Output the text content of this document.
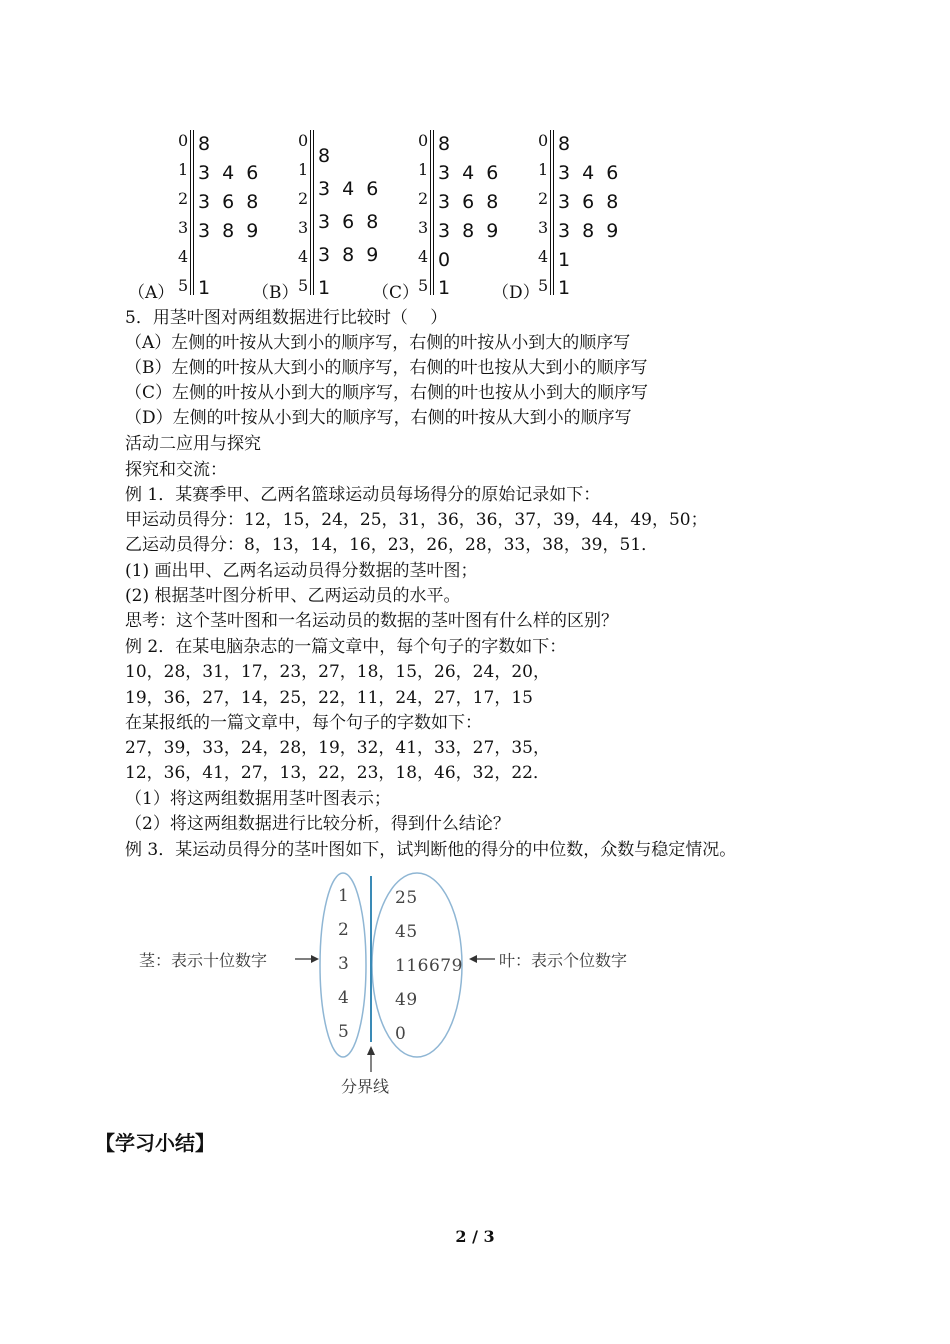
0
1
2
3
4
5
8
3 4 6
3 6 8
3 8 9
1
（A）
0
1
2
3
4
5
8
3 4 6
3 6 8
3 8 9
1
（B）
0
1
2
3
4
5
8
3 4 6
3 6 8
3 8 9
0
1
（C）
0
1
2
3
4
5
8
3 4 6
3 6 8
3 8 9
1
1
（D）
5．用茎叶图对两组数据进行比较时（　 ）
（A）左侧的叶按从大到小的顺序写，右侧的叶按从小到大的顺序写
（B）左侧的叶按从大到小的顺序写，右侧的叶也按从大到小的顺序写
（C）左侧的叶按从小到大的顺序写，右侧的叶也按从小到大的顺序写
（D）左侧的叶按从小到大的顺序写，右侧的叶按从大到小的顺序写
活动二应用与探究
探究和交流：
例 1．某赛季甲、乙两名篮球运动员每场得分的原始记录如下：
甲运动员得分：12，15，24，25，31，36，36，37，39，44，49，50；
乙运动员得分：8，13，14，16，23，26，28，33，38，39，51．
(1) 画出甲、乙两名运动员得分数据的茎叶图；
(2) 根据茎叶图分析甲、乙两运动员的水平。
思考：这个茎叶图和一名运动员的数据的茎叶图有什么样的区别？
例 2．在某电脑杂志的一篇文章中，每个句子的字数如下：
10，28，31，17，23，27，18，15，26，24，20，
19，36，27，14，25，22，11，24，27，17，15
在某报纸的一篇文章中，每个句子的字数如下：
27，39，33，24，28，19，32，41，33，27，35，
12，36，41，27，13，22，23，18，46，32，22．
（1）将这两组数据用茎叶图表示；
（2）将这两组数据进行比较分析，得到什么结论？
例 3．某运动员得分的茎叶图如下，试判断他的得分的中位数，众数与稳定情况。
1
2
3
4
5
25
45
116679
49
0
茎：表示十位数字	叶：表示个位数字
分界线
【学习小结】
2 / 3
